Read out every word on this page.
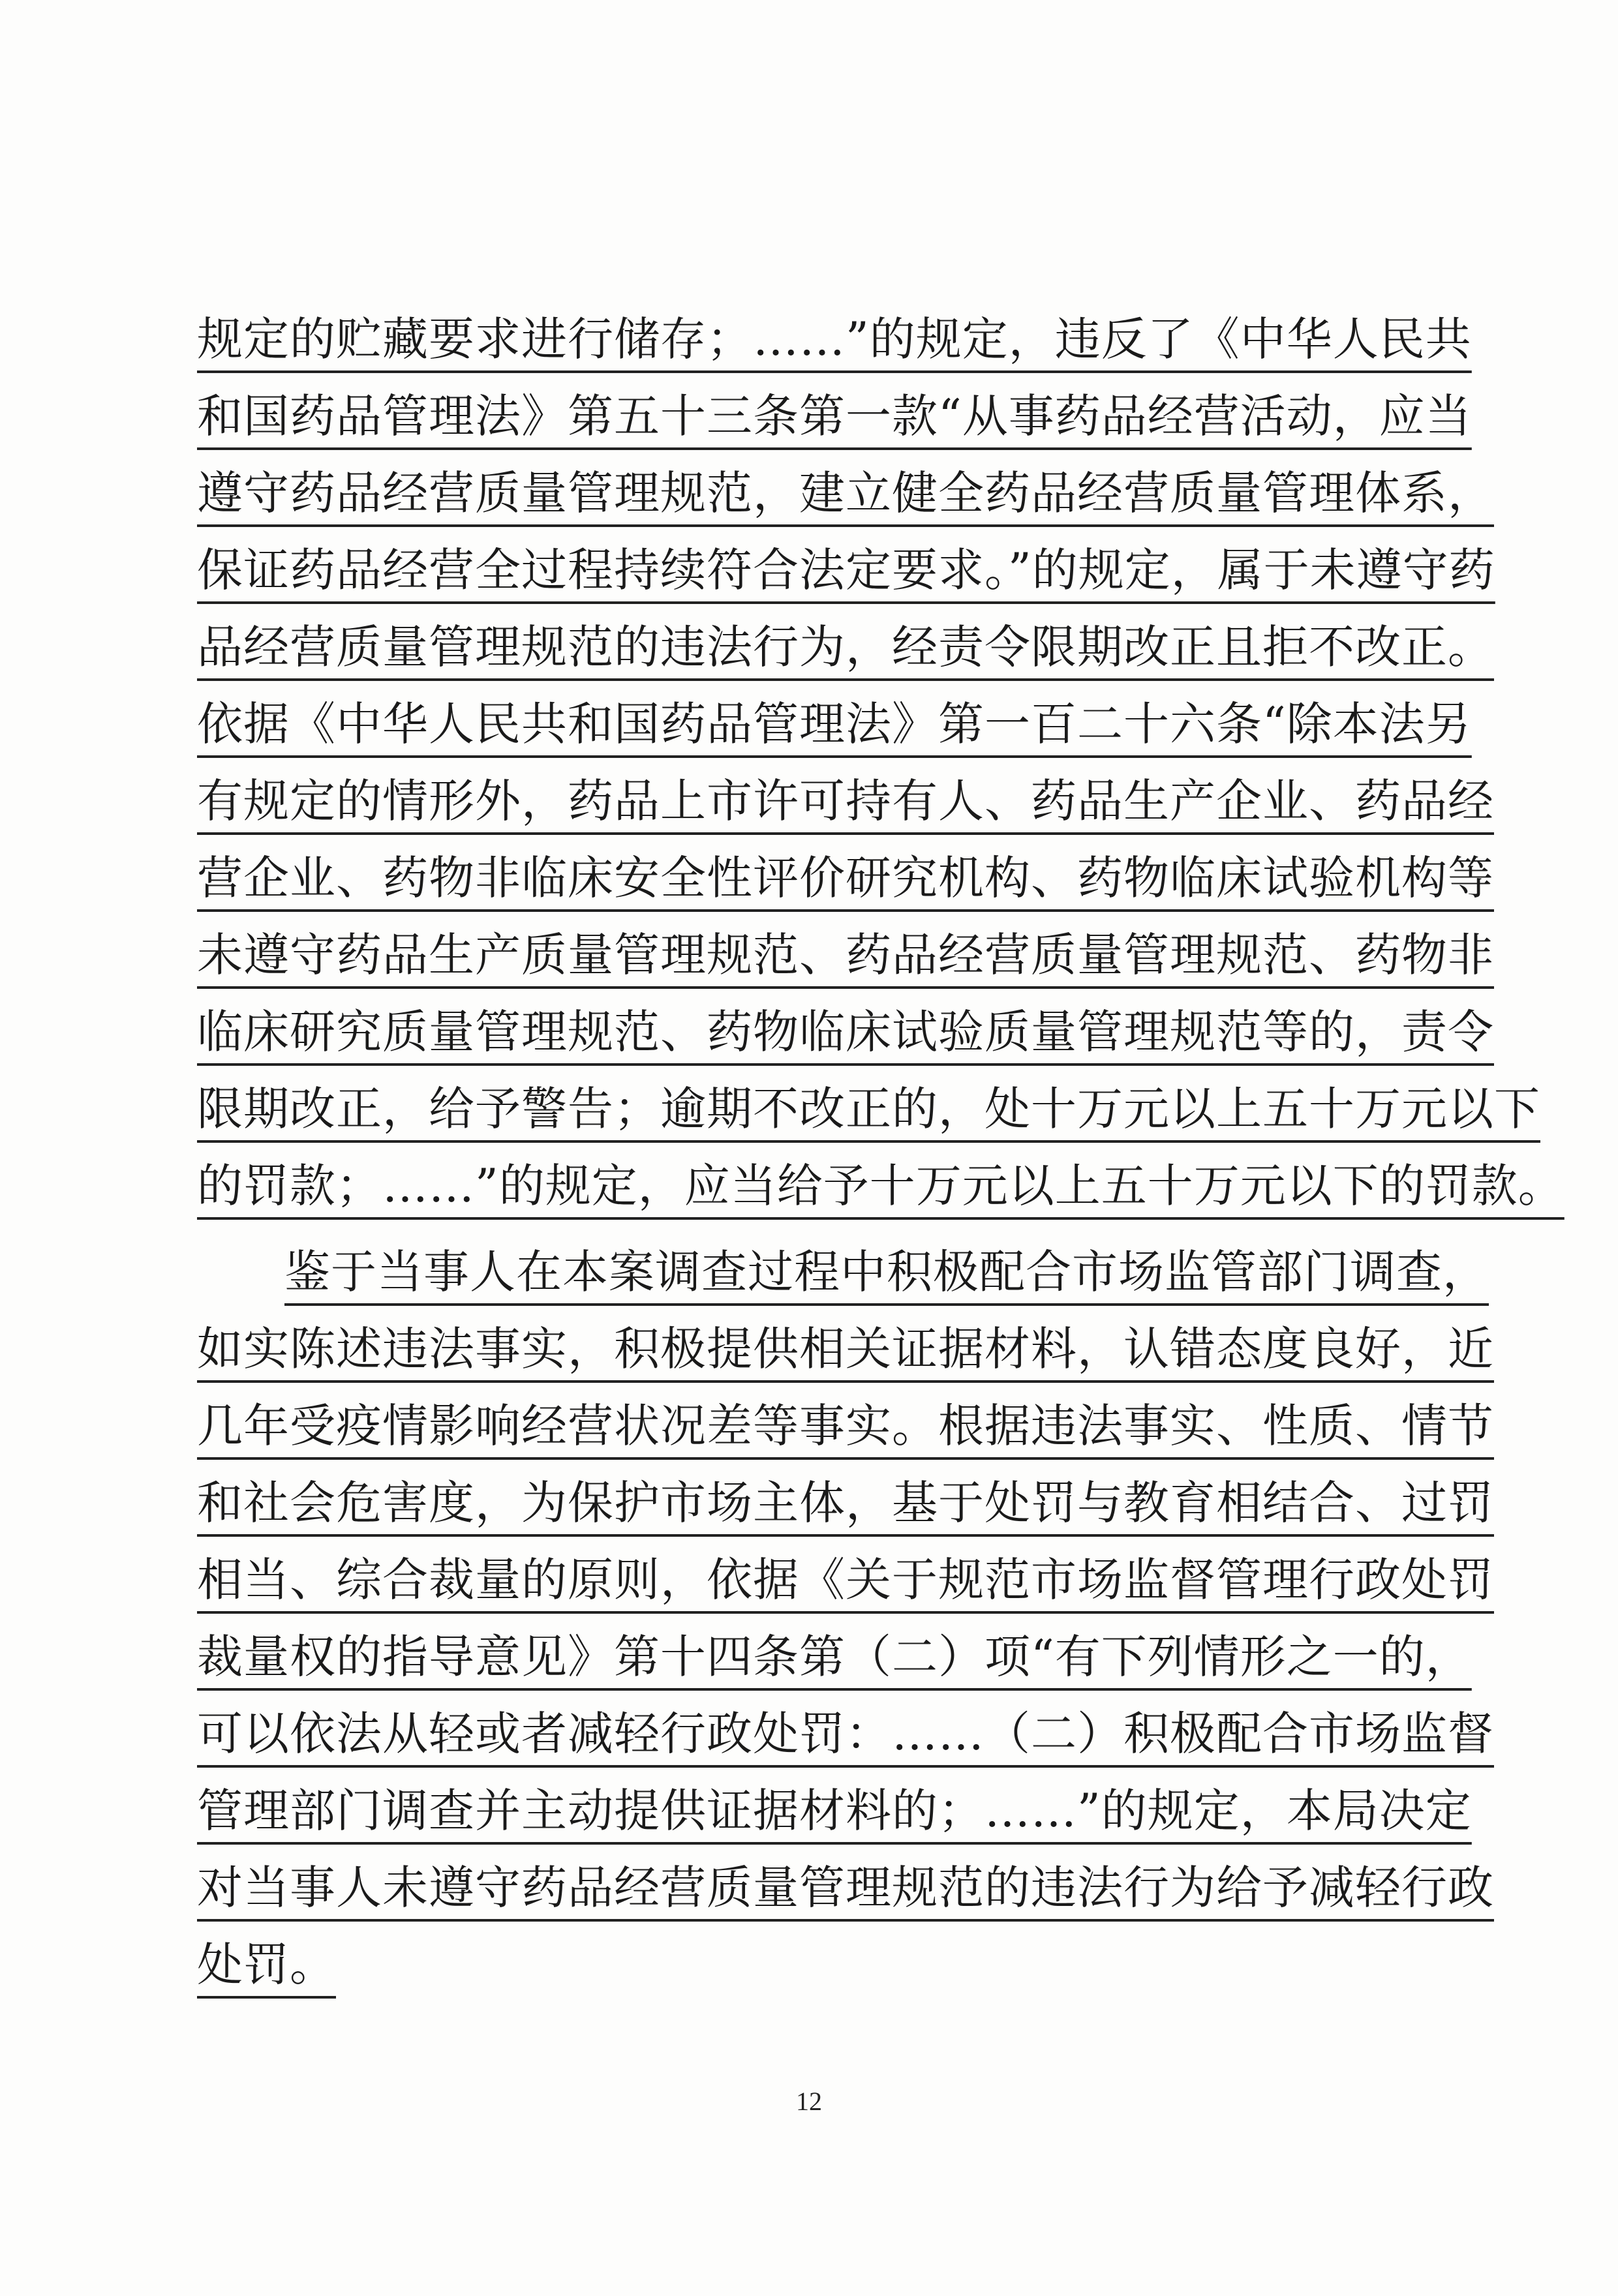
规定的贮藏要求进行储存；……”的规定，违反了《中华人民共
和国药品管理法》第五十三条第一款“从事药品经营活动，应当
遵守药品经营质量管理规范，建立健全药品经营质量管理体系，
保证药品经营全过程持续符合法定要求。”的规定，属于未遵守药
品经营质量管理规范的违法行为，经责令限期改正且拒不改正。
依据《中华人民共和国药品管理法》第一百二十六条“除本法另
有规定的情形外，药品上市许可持有人、药品生产企业、药品经
营企业、药物非临床安全性评价研究机构、药物临床试验机构等
未遵守药品生产质量管理规范、药品经营质量管理规范、药物非
临床研究质量管理规范、药物临床试验质量管理规范等的，责令
限期改正，给予警告；逾期不改正的，处十万元以上五十万元以下
的罚款；……”的规定，应当给予十万元以上五十万元以下的罚款。
鉴于当事人在本案调查过程中积极配合市场监管部门调查，
如实陈述违法事实，积极提供相关证据材料，认错态度良好，近
几年受疫情影响经营状况差等事实。根据违法事实、性质、情节
和社会危害度，为保护市场主体，基于处罚与教育相结合、过罚
相当、综合裁量的原则，依据《关于规范市场监督管理行政处罚
裁量权的指导意见》第十四条第（二）项“有下列情形之一的，
可以依法从轻或者减轻行政处罚：……（二）积极配合市场监督
管理部门调查并主动提供证据材料的；……”的规定，本局决定
对当事人未遵守药品经营质量管理规范的违法行为给予减轻行政
处罚。
12
